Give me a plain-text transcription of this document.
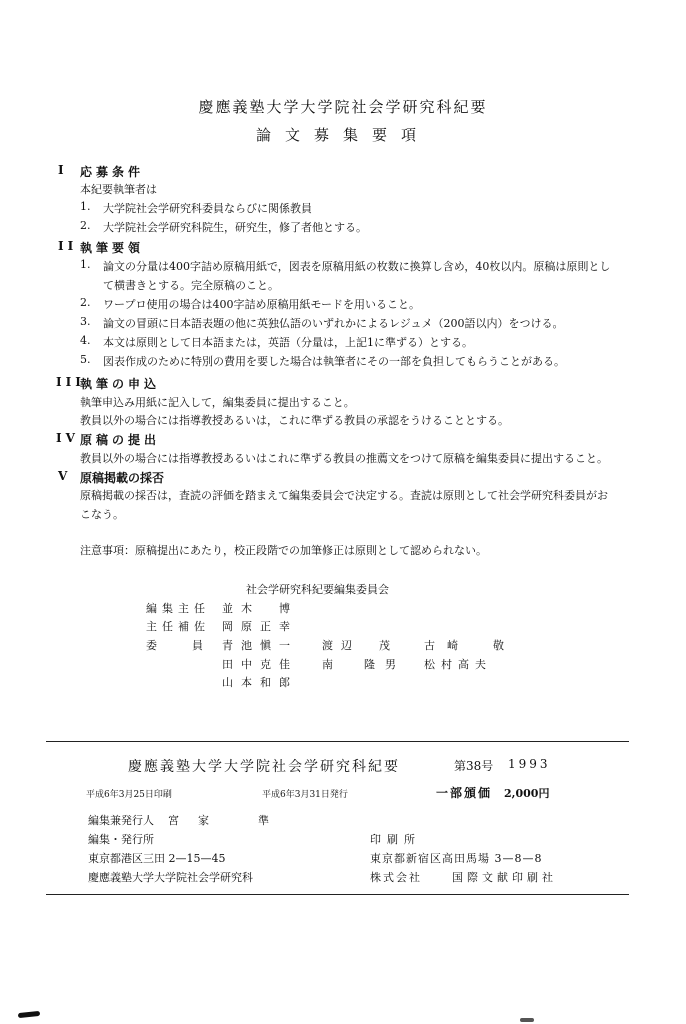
慶應義塾大学大学院社会学研究科紀要
論文募集要項
I 応募条件
本紀要執筆者は
1. 大学院社会学研究科委員ならびに関係教員
2. 大学院社会学研究科院生，研究生，修了者他とする。
II 執筆要領
1. 論文の分量は400字詰め原稿用紙で，図表を原稿用紙の枚数に換算し含め，40枚以内。原稿は原則とし
て横書きとする。完全原稿のこと。
2. ワープロ使用の場合は400字詰め原稿用紙モードを用いること。
3. 論文の冒頭に日本語表題の他に英独仏語のいずれかによるレジュメ（200語以内）をつける。
4. 本文は原則として日本語または，英語（分量は，上記1に準ずる）とする。
5. 図表作成のために特別の費用を要した場合は執筆者にその一部を負担してもらうことがある。
III
執筆の申込
執筆申込み用紙に記入して，編集委員に提出すること。
教員以外の場合には指導教授あるいは，これに準ずる教員の承認をうけることとする。
IV 原稿の提出
教員以外の場合には指導教授あるいはこれに準ずる教員の推薦文をつけて原稿を編集委員に提出すること。
V 原稿掲載の採否
原稿掲載の採否は，査読の評価を踏まえて編集委員会で決定する。査読は原則として社会学研究科委員がお
こなう。
注意事項：原稿提出にあたり，校正段階での加筆修正は原則として認められない。
社会学研究科紀要編集委員会
編集主任 並木　博
主任補佐 岡原正幸
委　員 青池愼一 渡辺　茂 古崎　敬
田中克佳 南　隆男 松村高夫
山本和郎
慶應義塾大学大学院社会学研究科紀要	第38号 1993
平成6年3月25日印刷	平成6年3月31日発行	一部頒価 2,000円
編集兼発行人 宮　家　　　準
編集・発行所	印刷所
東京都港区三田 2—15—45	東京都新宿区高田馬場 3—8—8
慶應義塾大学大学院社会学研究科	株式会社	国際文献印刷社
